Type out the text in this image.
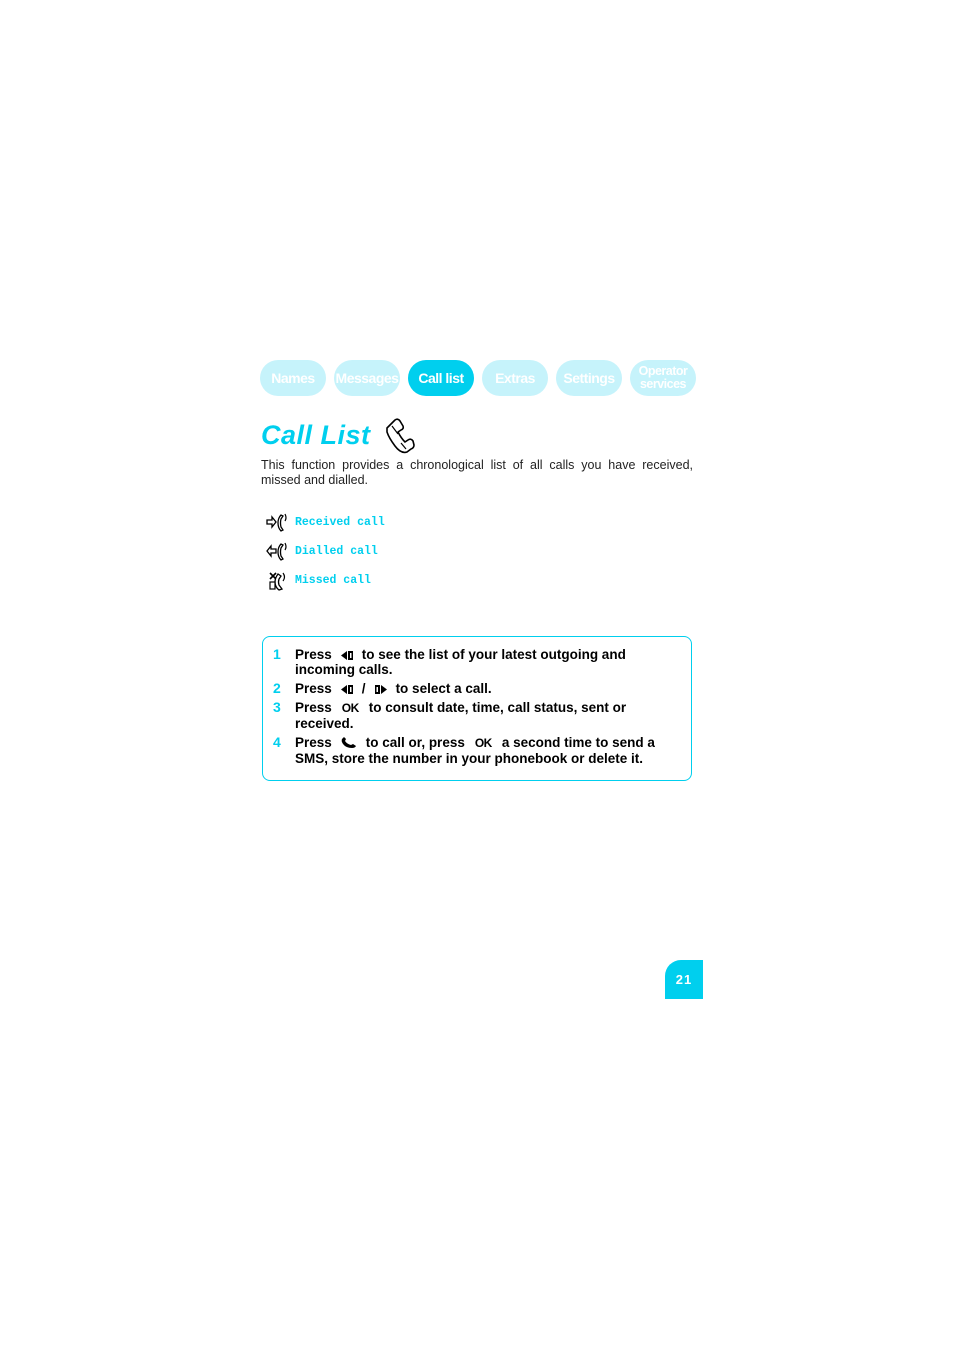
Names Messages Call list Extras Settings Operator
services
Call List

This function provides a chronological list of all calls you have received, missed and dialled.

Received call
Dialled call
Missed call
1	Press to see the list of your latest outgoing and incoming calls.
2	Press / to select a call.
3	Press OK to consult date, time, call status, sent or received.
4	Press	to call or, press OK a second time to send a SMS, store the number in your phonebook or delete it.
21
